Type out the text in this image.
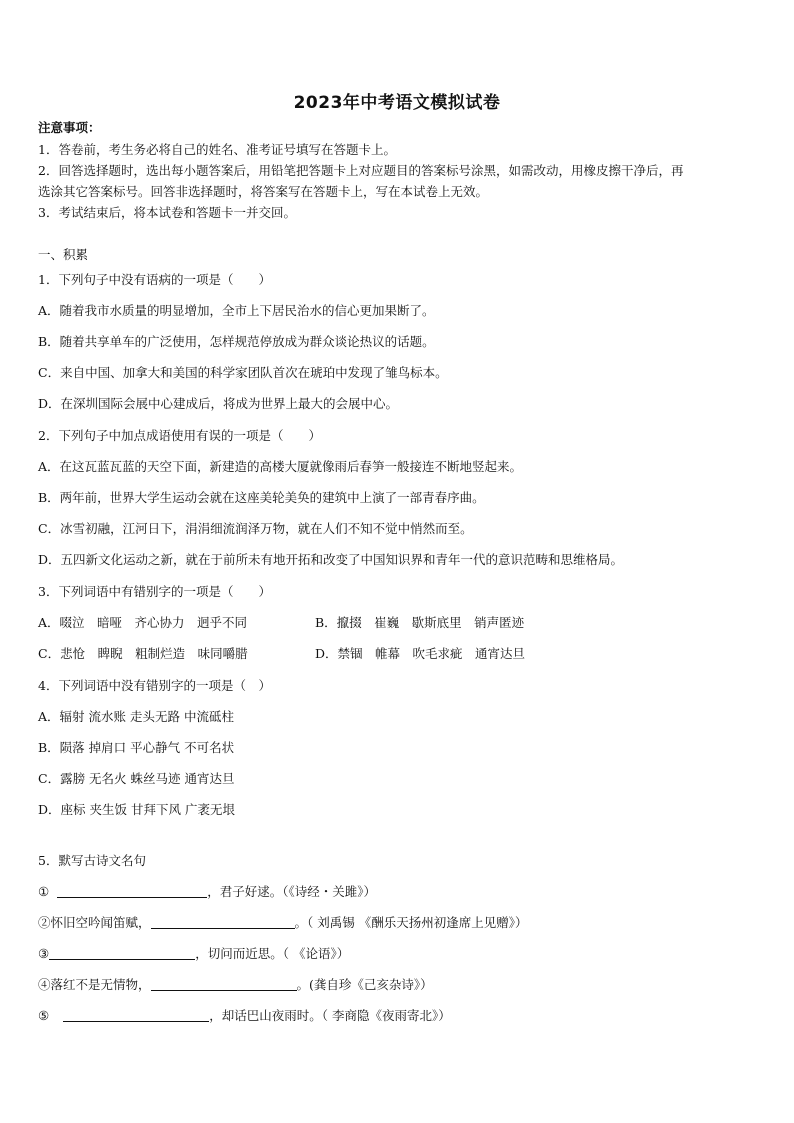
2023年中考语文模拟试卷
注意事项：
1．答卷前，考生务必将自己的姓名、准考证号填写在答题卡上。
2．回答选择题时，选出每小题答案后，用铅笔把答题卡上对应题目的答案标号涂黑，如需改动，用橡皮擦干净后，再
选涂其它答案标号。回答非选择题时，将答案写在答题卡上，写在本试卷上无效。
3．考试结束后，将本试卷和答题卡一并交回。
一、积累
1．下列句子中没有语病的一项是（　　）
A．随着我市水质量的明显增加，全市上下居民治水的信心更加果断了。
B．随着共享单车的广泛使用，怎样规范停放成为群众谈论热议的话题。
C．来自中国、加拿大和美国的科学家团队首次在琥珀中发现了雏鸟标本。
D．在深圳国际会展中心建成后，将成为世界上最大的会展中心。
2．下列句子中加点成语使用有误的一项是（　　）
A．在这瓦蓝瓦蓝的天空下面，新建造的高楼大厦就像雨后春笋一般接连不断地竖起来。
B．两年前，世界大学生运动会就在这座美轮美奂的建筑中上演了一部青春序曲。
C．冰雪初融，江河日下，涓涓细流润泽万物，就在人们不知不觉中悄然而至。
D．五四新文化运动之新，就在于前所未有地开拓和改变了中国知识界和青年一代的意识范畴和思维格局。
3．下列词语中有错别字的一项是（　　）
A．啜泣　暗哑　齐心协力　迥乎不同	B．攛掇　崔巍　歇斯底里　销声匿迹
C．悲怆　睥睨　粗制烂造　味同嚼腊	D．禁锢　帷幕　吹毛求疵　通宵达旦
4．下列词语中没有错别字的一项是（　）
A．辐射 流水账 走头无路 中流砥柱
B．陨落 掉肩口 平心静气 不可名状
C．露膀 无名火 蛛丝马迹 通宵达旦
D．座标 夹生饭 甘拜下风 广袤无垠
5．默写古诗文名句
①	，君子好逑。（《诗经・关雎》）
②怀旧空吟闻笛赋，	。（ 刘禹锡 《酬乐天扬州初逢席上见赠》）
③	，切问而近思。（ 《论语》）
④落红不是无情物，	。(龚自珍《己亥杂诗》）
⑤	，却话巴山夜雨时。（ 李商隐《夜雨寄北》）
